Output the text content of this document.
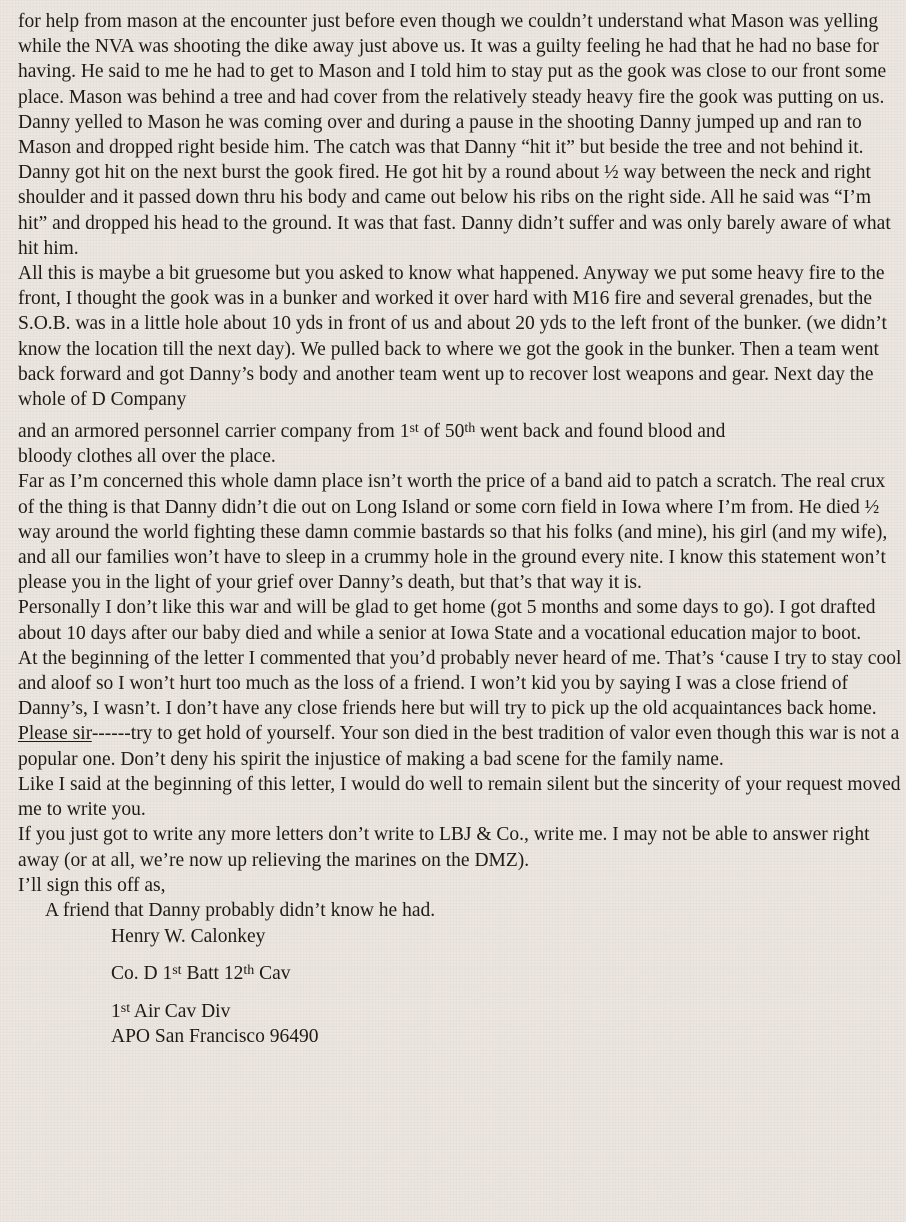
for help from mason at the encounter just before even though we couldn’t understand what Mason was yelling while the NVA was shooting the dike away just above us. It was a guilty feeling he had that he had no base for having. He said to me he had to get to Mason and I told him to stay put as the gook was close to our front some place. Mason was behind a tree and had cover from the relatively steady heavy fire the gook was putting on us. Danny yelled to Mason he was coming over and during a pause in the shooting Danny jumped up and ran to Mason and dropped right beside him. The catch was that Danny “hit it” but beside the tree and not behind it. Danny got hit on the next burst the gook fired. He got hit by a round about ½ way between the neck and right shoulder and it passed down thru his body and came out below his ribs on the right side. All he said was “I’m hit” and dropped his head to the ground. It was that fast. Danny didn’t suffer and was only barely aware of what hit him.

All this is maybe a bit gruesome but you asked to know what happened. Anyway we put some heavy fire to the front, I thought the gook was in a bunker and worked it over hard with M16 fire and several grenades, but the S.O.B. was in a little hole about 10 yds in front of us and about 20 yds to the left front of the bunker. (we didn’t know the location till the next day). We pulled back to where we got the gook in the bunker. Then a team went back forward and got Danny’s body and another team went up to recover lost weapons and gear. Next day the whole of D Company

and an armored personnel carrier company from 1st of 50th went back and found blood and

bloody clothes all over the place.

Far as I’m concerned this whole damn place isn’t worth the price of a band aid to patch a scratch. The real crux of the thing is that Danny didn’t die out on Long Island or some corn field in Iowa where I’m from. He died ½ way around the world fighting these damn commie bastards so that his folks (and mine), his girl (and my wife), and all our families won’t have to sleep in a crummy hole in the ground every nite. I know this statement won’t please you in the light of your grief over Danny’s death, but that’s that way it is.

Personally I don’t like this war and will be glad to get home (got 5 months and some days to go). I got drafted about 10 days after our baby died and while a senior at Iowa State and a vocational education major to boot.

At the beginning of the letter I commented that you’d probably never heard of me. That’s ‘cause I try to stay cool and aloof so I won’t hurt too much as the loss of a friend. I won’t kid you by saying I was a close friend of Danny’s, I wasn’t. I don’t have any close friends here but will try to pick up the old acquaintances back home.

Please sir------try to get hold of yourself. Your son died in the best tradition of valor even though this war is not a popular one. Don’t deny his spirit the injustice of making a bad scene for the family name.

Like I said at the beginning of this letter, I would do well to remain silent but the sincerity of your request moved me to write you.

If you just got to write any more letters don’t write to LBJ & Co., write me. I may not be able to answer right away (or at all, we’re now up relieving the marines on the DMZ).

I’ll sign this off as,

A friend that Danny probably didn’t know he had.

Henry W. Calonkey

Co. D 1st Batt 12th Cav

1st Air Cav Div

APO San Francisco 96490
